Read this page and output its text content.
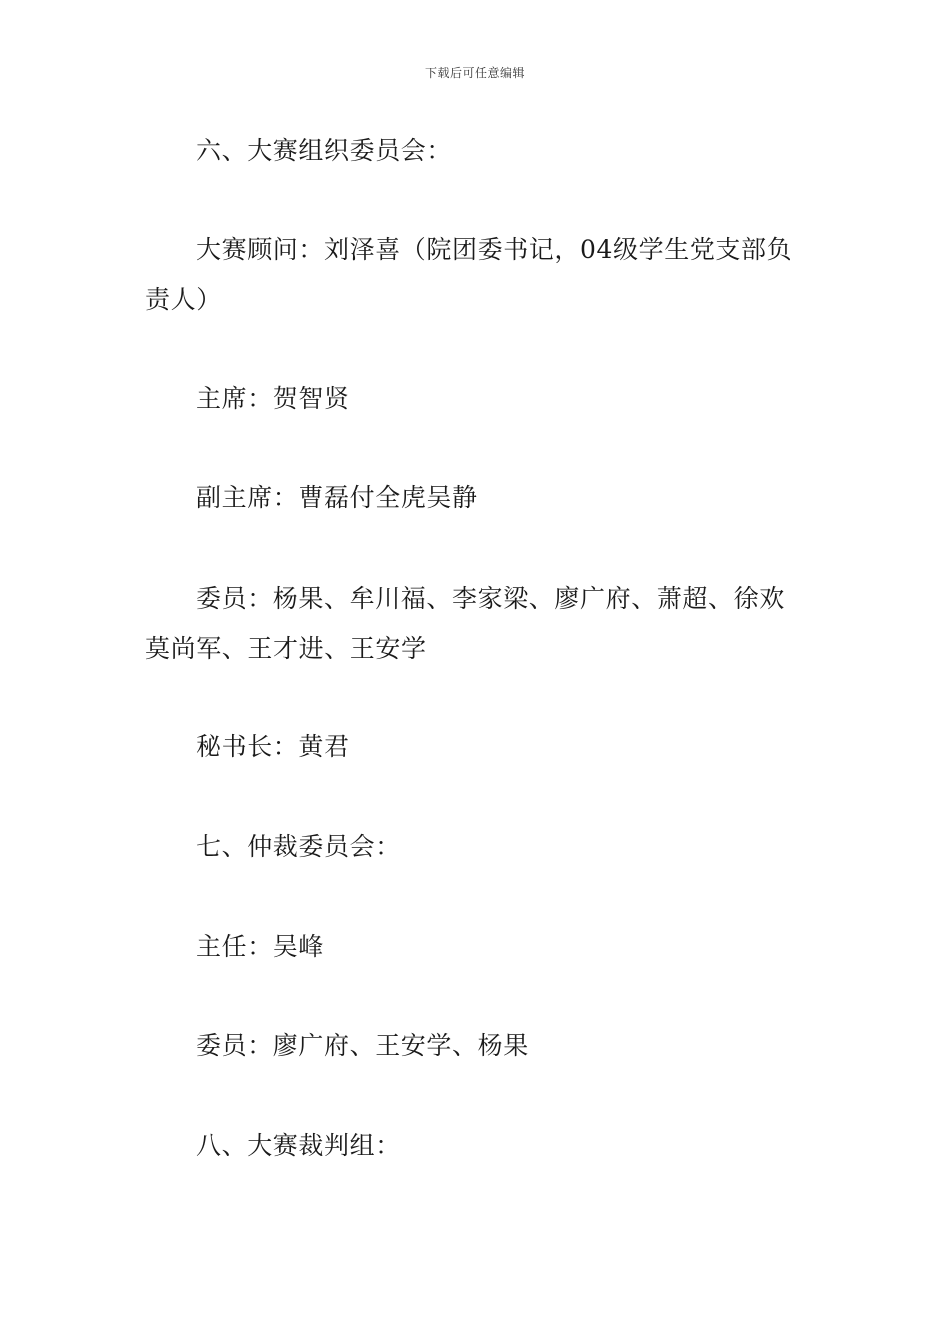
下载后可任意编辑

六、大赛组织委员会：

大赛顾问：刘泽喜（院团委书记，04级学生党支部负责人）

主席：贺智贤

副主席：曹磊付全虎吴静

委员：杨果、牟川福、李家梁、廖广府、萧超、徐欢莫尚军、王才进、王安学

秘书长：黄君

七、仲裁委员会：

主任：吴峰

委员：廖广府、王安学、杨果

八、大赛裁判组：
